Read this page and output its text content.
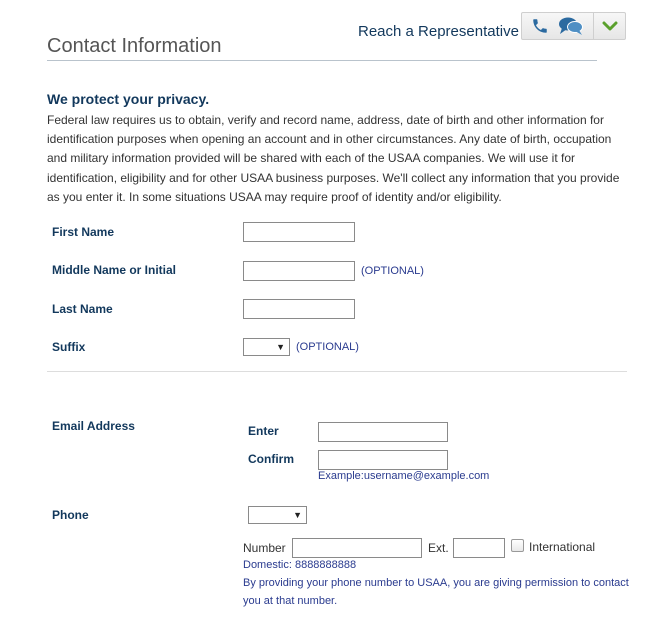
Reach a Representative
Contact Information
We protect your privacy.
Federal law requires us to obtain, verify and record name, address, date of birth and other information for identification purposes when opening an account and in other circumstances. Any date of birth, occupation and military information provided will be shared with each of the USAA companies. We will use it for identification, eligibility and for other USAA business purposes. We'll collect any information that you provide as you enter it. In some situations USAA may require proof of identity and/or eligibility.
First Name
Middle Name or Initial	(OPTIONAL)
Last Name
Suffix	▼ (OPTIONAL)
Email Address	Enter
Confirm
Example:username@example.com
Phone	▼
Number	Ext.	International
Domestic: 8888888888
By providing your phone number to USAA, you are giving permission to contact you at that number.
